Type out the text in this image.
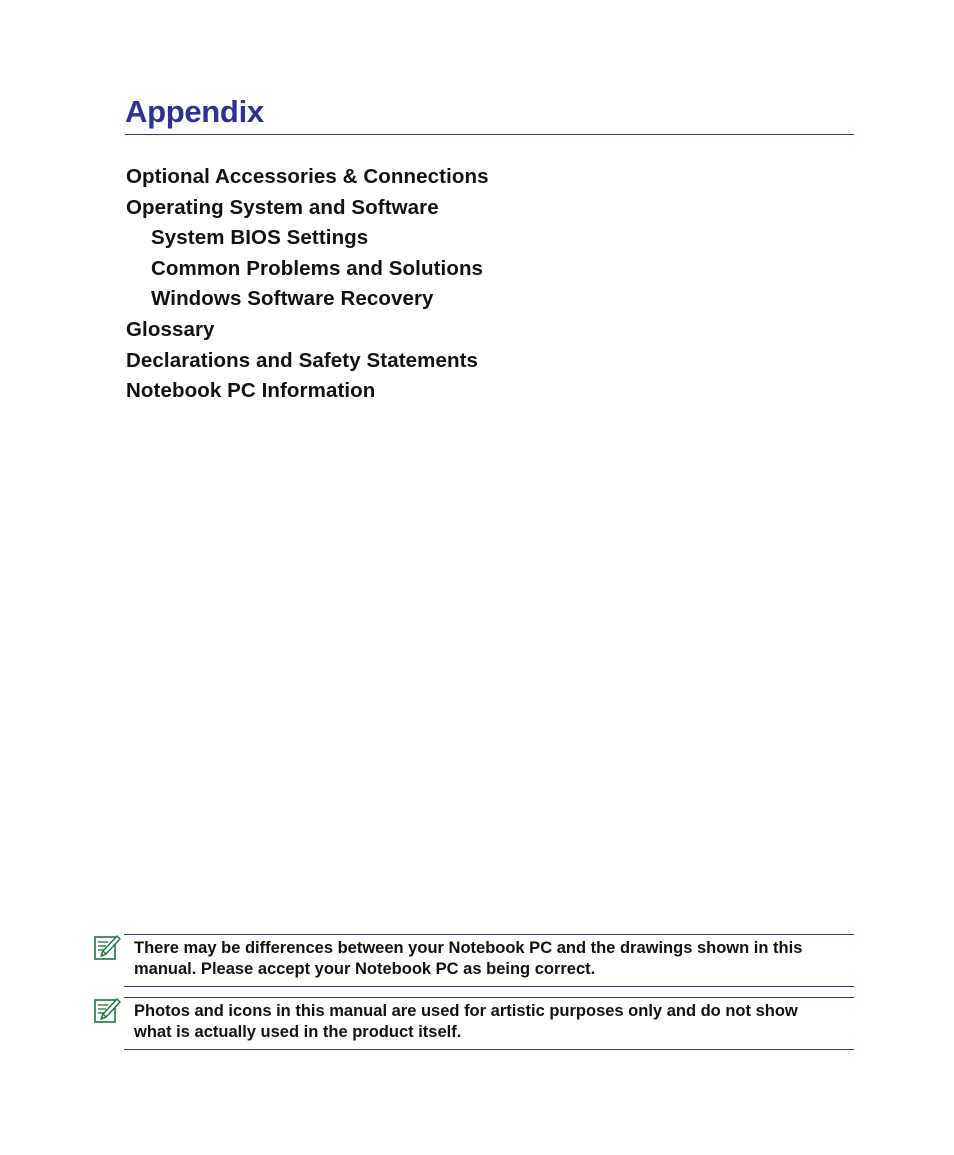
Appendix
Optional Accessories & Connections
Operating System and Software
System BIOS Settings
Common Problems and Solutions
Windows Software Recovery
Glossary
Declarations and Safety Statements
Notebook PC Information

There may be differences between your Notebook PC and the drawings shown in this manual. Please accept your Notebook PC as being correct.

Photos and icons in this manual are used for artistic purposes only and do not show what is actually used in the product itself.
